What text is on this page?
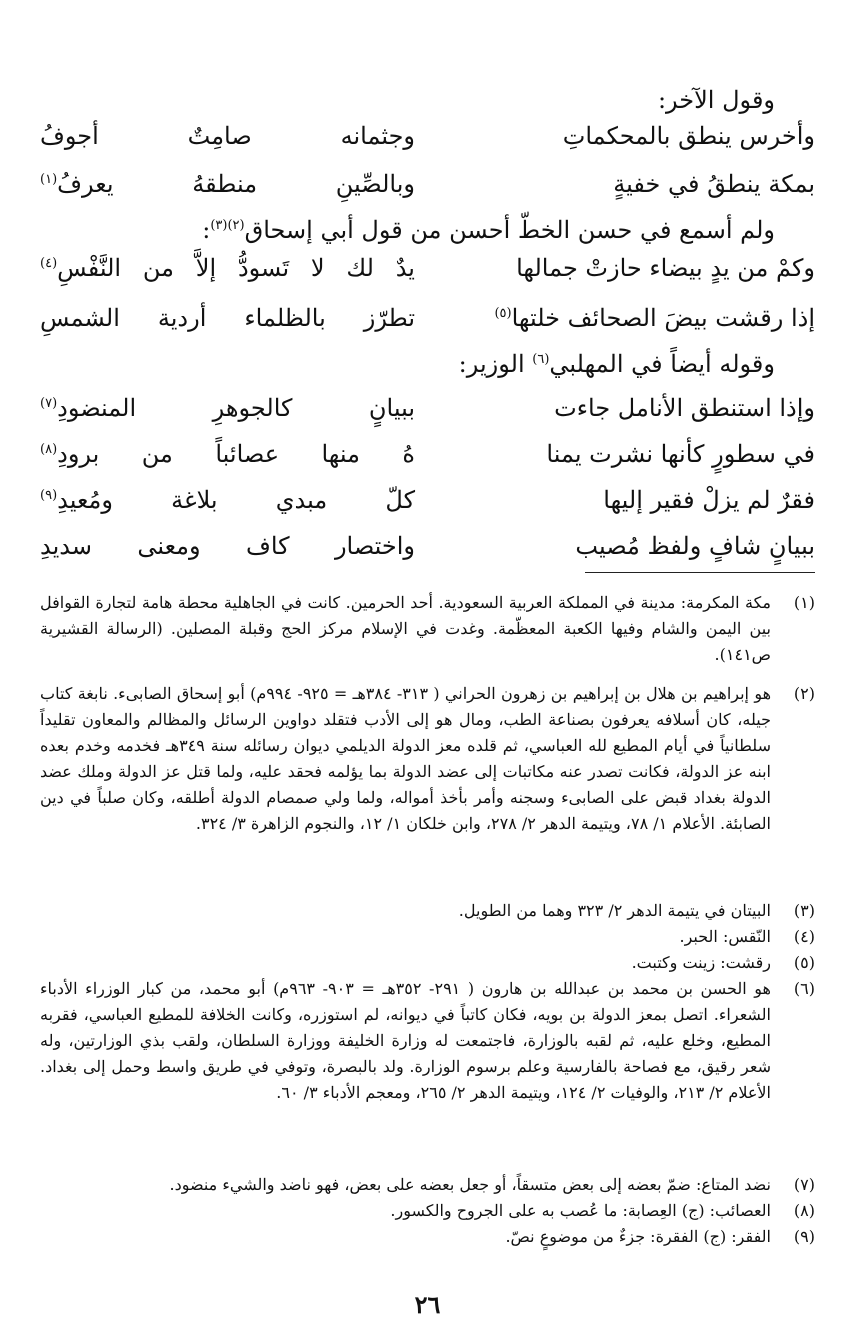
وقول الآخر:
وأخرس ينطق بالمحكماتِ
وجثمانه صامِتٌ أجوفُ
بمكة ينطقُ في خفيةٍ
وبالصِّينِ منطقهُ يعرفُ$^{(١)}$
ولم أسمع في حسن الخطّ أحسن من قول أبي إسحاق$^{(٢)(٣)}$:
وكمْ من يدٍ بيضاء حازتْ جمالها
يدٌ لك لا تَسودُّ إلاَّ من النَّفْسِ$^{(٤)}$
إذا رقشت بيضَ الصحائف خلتها$^{(٥)}$
تطرّز بالظلماء أردية الشمسِ
وقوله أيضاً في المهلبي$^{(٦)}$ الوزير:
وإذا استنطق الأنامل جاءت
ببيانٍ كالجوهرِ المنضودِ$^{(٧)}$
في سطورٍ كأنها نشرت يمنا
هُ منها عصائباً من برودِ$^{(٨)}$
فقرٌ لم يزلْ فقير إليها
كلّ مبدي بلاغة ومُعيدِ$^{(٩)}$
ببيانٍ شافٍ ولفظ مُصيب
واختصار كاف ومعنى سديدِ
(١)
مكة المكرمة: مدينة في المملكة العربية السعودية. أحد الحرمين. كانت في الجاهلية محطة هامة لتجارة القوافل بين اليمن والشام وفيها الكعبة المعظّمة. وغدت في الإسلام مركز الحج وقبلة المصلين. (الرسالة القشيرية ص١٤١).
(٢)
هو إبراهيم بن هلال بن إبراهيم بن زهرون الحراني ( ٣١٣- ٣٨٤هـ = ٩٢٥- ٩٩٤م) أبو إسحاق الصابىء. نابغة كتاب جيله، كان أسلافه يعرفون بصناعة الطب، ومال هو إلى الأدب فتقلد دواوين الرسائل والمظالم والمعاون تقليداً سلطانياً في أيام المطيع لله العباسي، ثم قلده معز الدولة الديلمي ديوان رسائله سنة ٣٤٩هـ فخدمه وخدم بعده ابنه عز الدولة، فكانت تصدر عنه مكاتبات إلى عضد الدولة بما يؤلمه فحقد عليه، ولما قتل عز الدولة وملك عضد الدولة بغداد قبض على الصابىء وسجنه وأمر بأخذ أمواله، ولما ولي صمصام الدولة أطلقه، وكان صلباً في دين الصابئة. الأعلام ١/ ٧٨، ويتيمة الدهر ٢/ ٢٧٨، وابن خلكان ١/ ١٢، والنجوم الزاهرة ٣/ ٣٢٤.
(٣)
البيتان في يتيمة الدهر ٢/ ٣٢٣ وهما من الطويل.
(٤)
النّقس: الحبر.
(٥)
رقشت: زينت وكتبت.
(٦)
هو الحسن بن محمد بن عبدالله بن هارون ( ٢٩١- ٣٥٢هـ = ٩٠٣- ٩٦٣م) أبو محمد، من كبار الوزراء الأدباء الشعراء. اتصل بمعز الدولة بن بويه، فكان كاتباً في ديوانه، لم استوزره، وكانت الخلافة للمطيع العباسي، فقربه المطيع، وخلع عليه، ثم لقبه بالوزارة، فاجتمعت له وزارة الخليفة ووزارة السلطان، ولقب بذي الوزارتين، وله شعر رقيق، مع فصاحة بالفارسية وعلم برسوم الوزارة. ولد بالبصرة، وتوفي في طريق واسط وحمل إلى بغداد. الأعلام ٢/ ٢١٣، والوفيات ٢/ ١٢٤، ويتيمة الدهر ٢/ ٢٦٥، ومعجم الأدباء ٣/ ٦٠.
(٧)
نضد المتاع: ضمّ بعضه إلى بعض متسقاً، أو جعل بعضه على بعض، فهو ناضد والشيء منضود.
(٨)
العصائب: (ج) العِصابة: ما عُصب به على الجروح والكسور.
(٩)
الفقر: (ج) الفقرة: جزءٌ من موضوعٍ نصّ.
٢٦
